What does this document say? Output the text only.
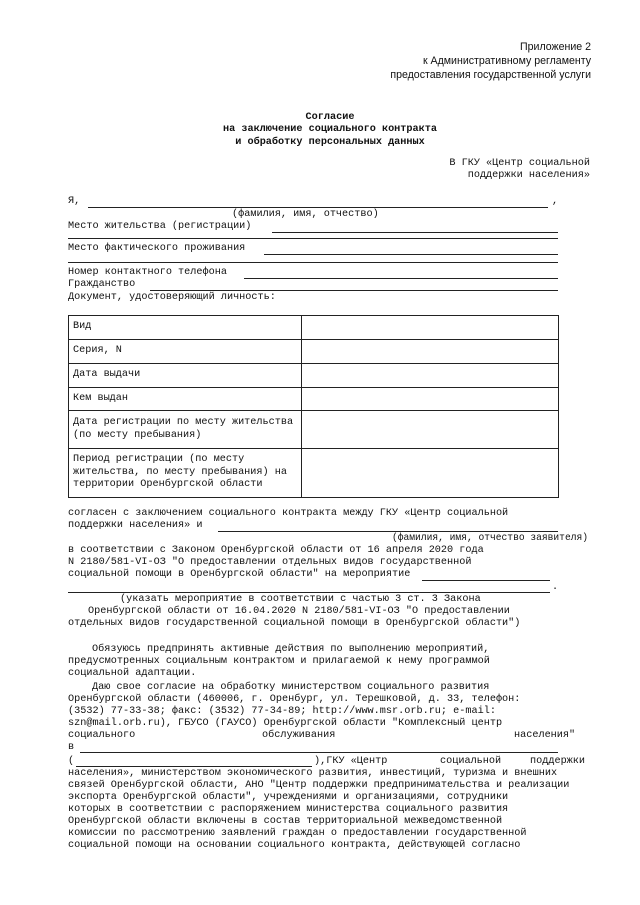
Приложение 2
к Административному регламенту
предоставления государственной услуги
Согласие
на заключение социального контракта
и обработку персональных данных
В ГКУ «Центр социальной
поддержки населения»
Я,	,
(фамилия, имя, отчество)
Место жительства (регистрации)
Место фактического проживания
Номер контактного телефона
Гражданство
Документ, удостоверяющий личность:
Вид	
Серия, N	
Дата выдачи	
Кем выдан	
Дата регистрации по месту жительства (по месту пребывания)	
Период регистрации (по месту жительства, по месту пребывания) на территории Оренбургской области	
согласен с заключением социального контракта между ГКУ «Центр социальной
поддержки населения» и
(фамилия, имя, отчество заявителя)
в соответствии с Законом Оренбургской области от 16 апреля 2020 года
N 2180/581-VI-ОЗ "О предоставлении отдельных видов государственной
социальной помощи в Оренбургской области" на мероприятие
.
(указать мероприятие в соответствии с частью 3 ст. 3 Закона
Оренбургской области от 16.04.2020 N 2180/581-VI-ОЗ "О предоставлении
отдельных видов государственной социальной помощи в Оренбургской области")
Обязуюсь предпринять активные действия по выполнению мероприятий,
предусмотренных социальным контрактом и прилагаемой к нему программой
социальной адаптации.
Даю свое согласие на обработку министерством социального развития
Оренбургской области (460006, г. Оренбург, ул. Терешковой, д. 33, телефон:
(3532) 77-33-38; факс: (3532) 77-34-89; http://www.msr.orb.ru; e-mail:
szn@mail.orb.ru), ГБУСО (ГАУСО) Оренбургской области "Комплексный центр
социального	обслуживания	населения"
в
(	),ГКУ «Центр	социальной	поддержки
населения», министерством экономического развития, инвестиций, туризма и внешних
связей Оренбургской области, АНО "Центр поддержки предпринимательства и реализации
экспорта Оренбургской области", учреждениями и организациями, сотрудники
которых в соответствии с распоряжением министерства социального развития
Оренбургской области включены в состав территориальной межведомственной
комиссии по рассмотрению заявлений граждан о предоставлении государственной
социальной помощи на основании социального контракта, действующей согласно
